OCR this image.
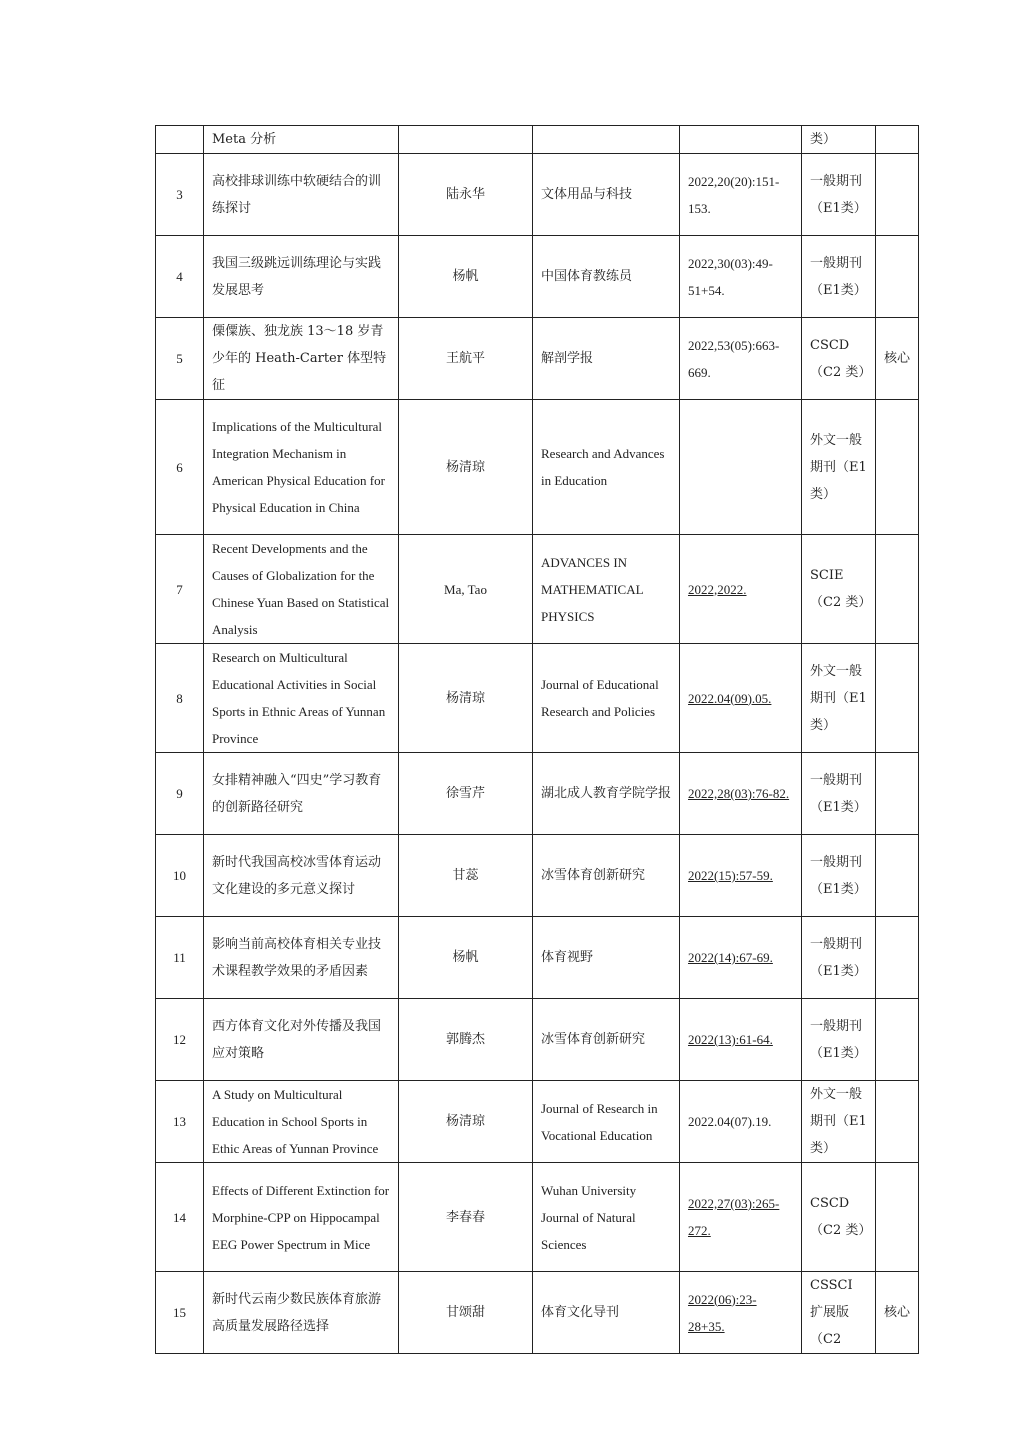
	Meta 分析				类）	
3	高校排球训练中软硬结合的训练探讨	陆永华	文体用品与科技	2022,20(20):151-153.	一般期刊（E1类）	
4	我国三级跳远训练理论与实践发展思考	杨帆	中国体育教练员	2022,30(03):49-51+54.	一般期刊（E1类）	
5	傈僳族、独龙族 13～18 岁青少年的 Heath-Carter 体型特征	王航平	解剖学报	2022,53(05):663-669.	CSCD（C2 类）	核心
6	Implications of the Multicultural Integration Mechanism in American Physical Education for Physical Education in China	杨清琼	Research and Advances in Education		外文一般期刊（E1 类）	
7	Recent Developments and the Causes of Globalization for the Chinese Yuan Based on Statistical Analysis	Ma, Tao	ADVANCES IN MATHEMATICAL PHYSICS	2022,2022.	SCIE（C2 类）	
8	Research on Multicultural Educational Activities in Social Sports in Ethnic Areas of Yunnan Province	杨清琼	Journal of Educational Research and Policies	2022.04(09).05.	外文一般期刊（E1 类）	
9	女排精神融入“四史”学习教育的创新路径研究	徐雪芹	湖北成人教育学院学报	2022,28(03):76-82.	一般期刊（E1类）	
10	新时代我国高校冰雪体育运动文化建设的多元意义探讨	甘蕊	冰雪体育创新研究	2022(15):57-59.	一般期刊（E1类）	
11	影响当前高校体育相关专业技术课程教学效果的矛盾因素	杨帆	体育视野	2022(14):67-69.	一般期刊（E1类）	
12	西方体育文化对外传播及我国应对策略	郭腾杰	冰雪体育创新研究	2022(13):61-64.	一般期刊（E1类）	
13	A Study on Multicultural Education in School Sports in Ethic Areas of Yunnan Province	杨清琼	Journal of Research in Vocational Education	2022.04(07).19.	外文一般期刊（E1 类）	
14	Effects of Different Extinction for Morphine-CPP on Hippocampal EEG Power Spectrum in Mice	李春春	Wuhan University Journal of Natural Sciences	2022,27(03):265-272.	CSCD（C2 类）	
15	新时代云南少数民族体育旅游高质量发展路径选择	甘颂甜	体育文化导刊	2022(06):23-28+35.	CSSCI 扩展版（C2	核心
